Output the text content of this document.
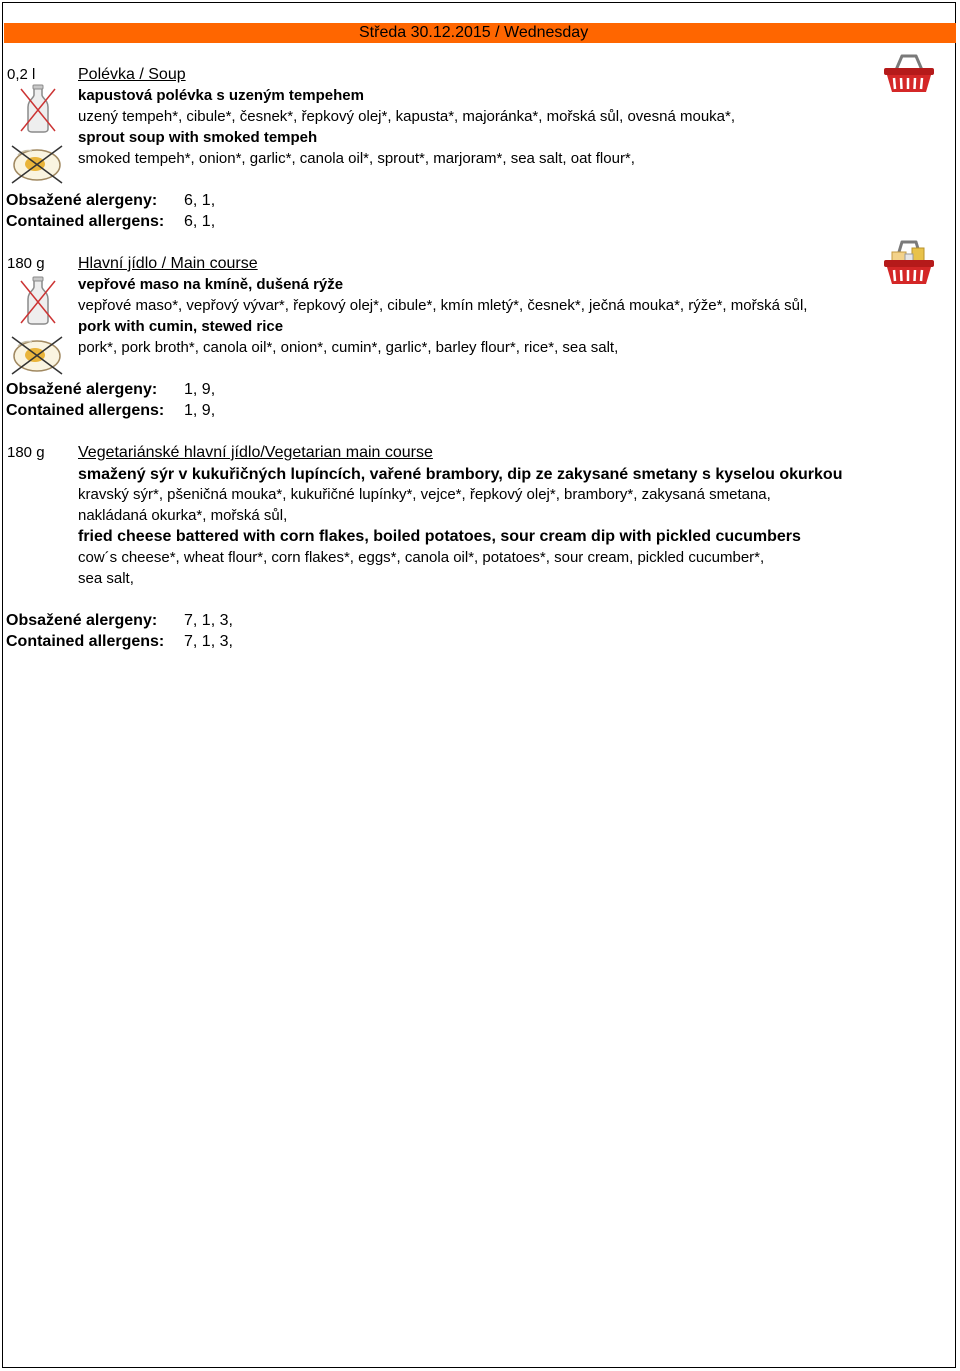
Středa 30.12.2015 / Wednesday
0,2 l	Polévka / Soup
kapustová polévka s uzeným tempehem
uzený tempeh*, cibule*, česnek*, řepkový olej*, kapusta*, majoránka*, mořská sůl, ovesná mouka*,
sprout soup with smoked tempeh
smoked tempeh*, onion*, garlic*, canola oil*, sprout*, marjoram*, sea salt, oat flour*,
Obsažené alergeny: 6, 1,
Contained allergens: 6, 1,
180 g Hlavní jídlo / Main course
vepřové maso na kmíně, dušená rýže
vepřové maso*, vepřový vývar*, řepkový olej*, cibule*, kmín mletý*, česnek*, ječná mouka*, rýže*, mořská sůl,
pork with cumin, stewed rice
pork*, pork broth*, canola oil*, onion*, cumin*, garlic*, barley flour*, rice*, sea salt,
Obsažené alergeny: 1, 9,
Contained allergens: 1, 9,
180 g Vegetariánské hlavní jídlo/Vegetarian main course
smažený sýr v kukuřičných lupíncích, vařené brambory, dip ze zakysané smetany s kyselou okurkou
kravský sýr*, pšeničná mouka*, kukuřičné lupínky*, vejce*, řepkový olej*, brambory*, zakysaná smetana,
nakládaná okurka*, mořská sůl,
fried cheese battered with corn flakes, boiled potatoes, sour cream dip with pickled cucumbers
cow´s cheese*, wheat flour*, corn flakes*, eggs*, canola oil*, potatoes*, sour cream, pickled cucumber*,
sea salt,
Obsažené alergeny: 7, 1, 3,
Contained allergens: 7, 1, 3,
